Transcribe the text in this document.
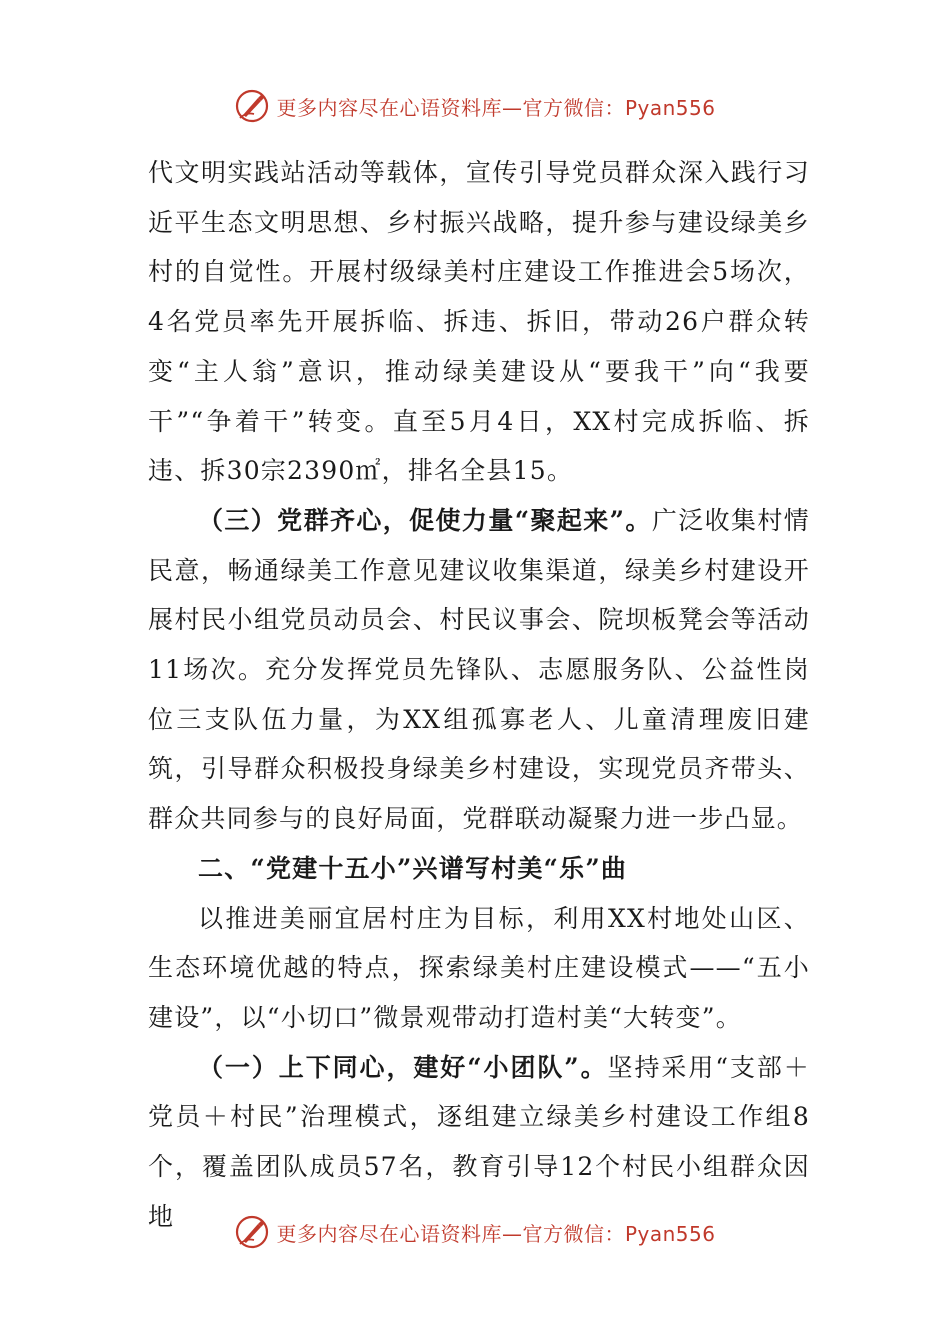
更多内容尽在心语资料库—官方微信：Pyan556

代文明实践站活动等载体，宣传引导党员群众深入践行习近平生态文明思想、乡村振兴战略，提升参与建设绿美乡村的自觉性。开展村级绿美村庄建设工作推进会5场次，4名党员率先开展拆临、拆违、拆旧，带动26户群众转变“主人翁”意识，推动绿美建设从“要我干”向“我要干”“争着干”转变。直至5月4日，XX村完成拆临、拆违、拆30宗2390㎡，排名全县15。

（三）党群齐心，促使力量“聚起来”。广泛收集村情民意，畅通绿美工作意见建议收集渠道，绿美乡村建设开展村民小组党员动员会、村民议事会、院坝板凳会等活动11场次。充分发挥党员先锋队、志愿服务队、公益性岗位三支队伍力量，为XX组孤寡老人、儿童清理废旧建筑，引导群众积极投身绿美乡村建设，实现党员齐带头、群众共同参与的良好局面，党群联动凝聚力进一步凸显。

二、“党建十五小”兴谱写村美“乐”曲

以推进美丽宜居村庄为目标，利用XX村地处山区、生态环境优越的特点，探索绿美村庄建设模式——“五小建设”，以“小切口”微景观带动打造村美“大转变”。

（一）上下同心，建好“小团队”。坚持采用“支部＋党员＋村民”治理模式，逐组建立绿美乡村建设工作组8个，覆盖团队成员57名，教育引导12个村民小组群众因地

更多内容尽在心语资料库—官方微信：Pyan556
